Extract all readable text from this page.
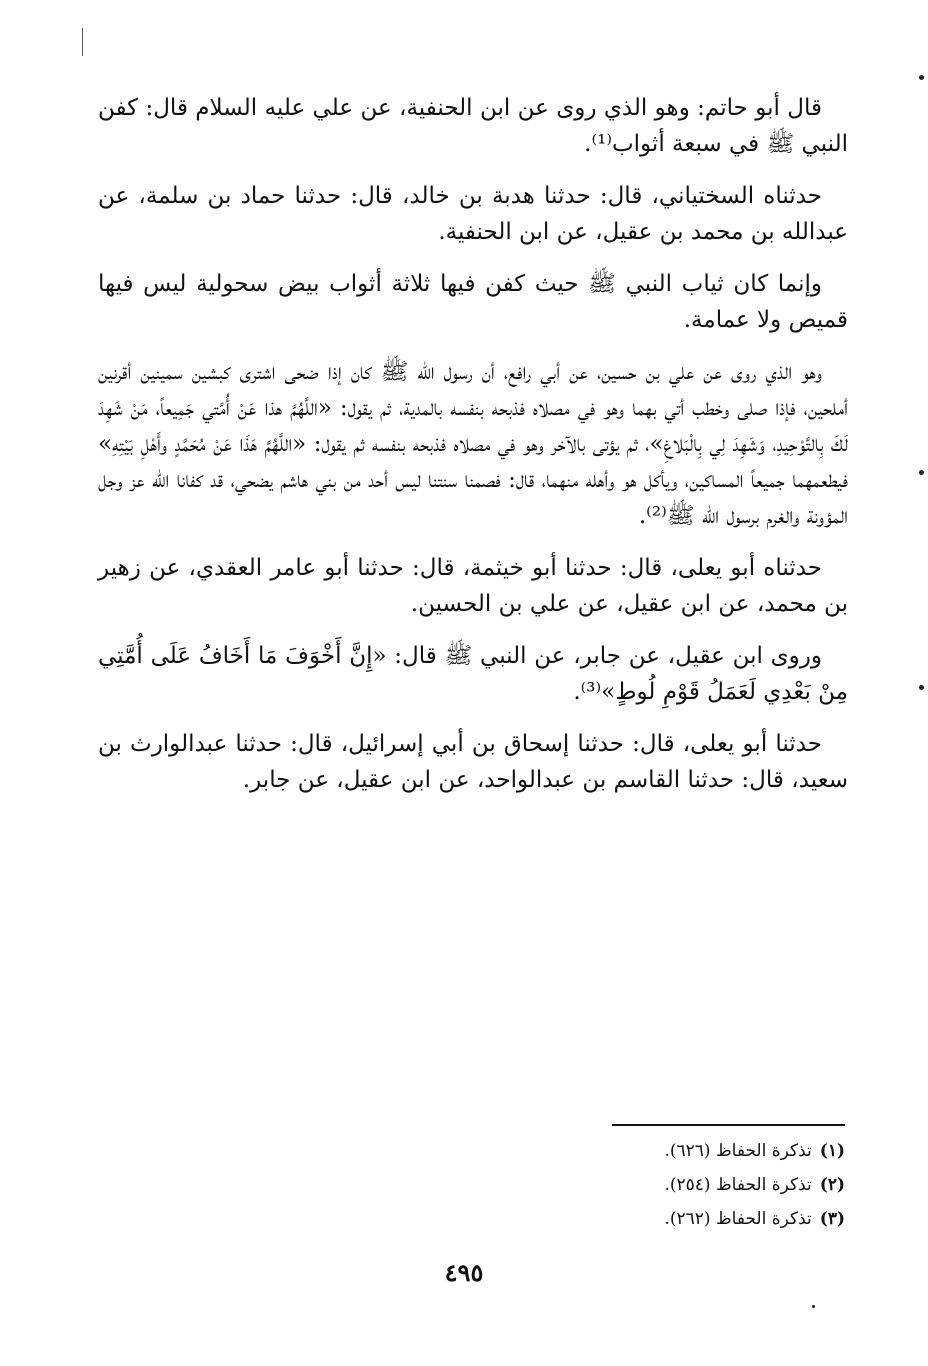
قال أبو حاتم: وهو الذي روى عن ابن الحنفية، عن علي عليه السلام قال: كفن النبي ﷺ في سبعة أثواب⁽¹⁾.

حدثناه السختياني، قال: حدثنا هدبة بن خالد، قال: حدثنا حماد بن سلمة، عن عبدالله بن محمد بن عقيل، عن ابن الحنفية.

وإنما كان ثياب النبي ﷺ حيث كفن فيها ثلاثة أثواب بيض سحولية ليس فيها قميص ولا عمامة.

وهو الذي روى عن علي بن حسين، عن أبي رافع، أن رسول الله ﷺ كان إذا ضحى اشترى كبشين سمينين أقرنين أملحين، فإذا صلى وخطب أتي بهما وهو في مصلاه فذبحه بنفسه بالمدية، ثم يقول: «اللَّهُمَّ هذا عَنْ أُمَّتي جَمِيعاً، مَنْ شَهِدَ لَكَ بِالتَّوْحِيدِ، وَشَهِدَ لِي بِالْبَلاغِ»، ثم يؤتى بالآخر وهو في مصلاه فذبحه بنفسه ثم يقول: «اللَّهُمَّ هَذَا عَنْ مُحَمَّدٍ وأَهْلِ بَيْتِهِ» فيطعمهما جميعاً المساكين، ويأكل هو وأهله منهما، قال: فصمنا سنتنا ليس أحد من بني هاشم يضحي، قد كفانا الله عز وجل المؤونة والغرم برسول الله ﷺ⁽²⁾.

حدثناه أبو يعلى، قال: حدثنا أبو خيثمة، قال: حدثنا أبو عامر العقدي، عن زهير بن محمد، عن ابن عقيل، عن علي بن الحسين.

وروى ابن عقيل، عن جابر، عن النبي ﷺ قال: «إِنَّ أَخْوَفَ مَا أَخَافُ عَلَى أُمَّتِي مِنْ بَعْدِي لَعَمَلُ قَوْمِ لُوطٍ»⁽³⁾.

حدثنا أبو يعلى، قال: حدثنا إسحاق بن أبي إسرائيل، قال: حدثنا عبدالوارث بن سعيد، قال: حدثنا القاسم بن عبدالواحد، عن ابن عقيل، عن جابر.

(١)تذكرة الحفاظ (٦٢٦).
(٢)تذكرة الحفاظ (٢٥٤).
(٣)تذكرة الحفاظ (٢٦٢).
٤٩٥
